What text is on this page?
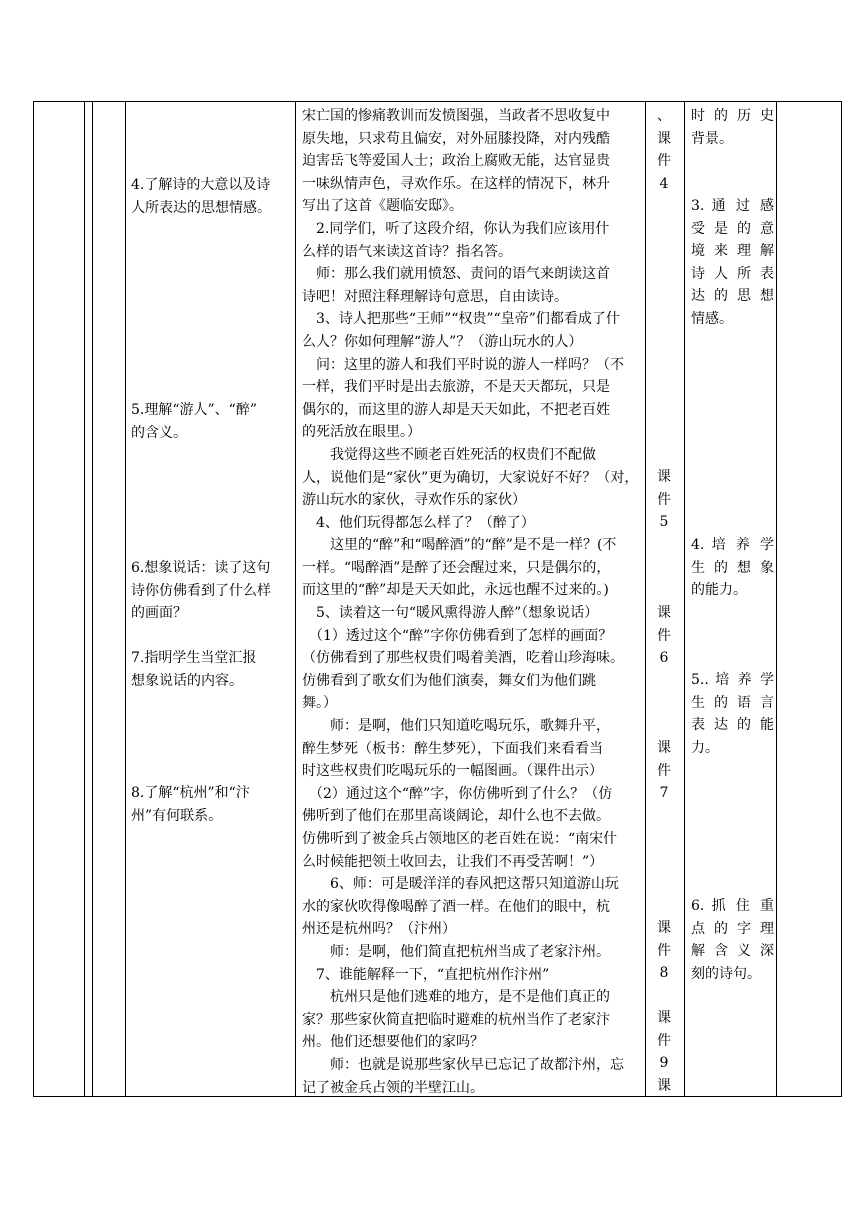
4.了解诗的大意以及诗

人所表达的思想情感。

5.理解“游人”、“醉”

的含义。

6.想象说话：读了这句

诗你仿佛看到了什么样

的画面？

7.指明学生当堂汇报

想象说话的内容。

8.了解“杭州”和“汴

州”有何联系。

宋亡国的惨痛教训而发愤图强，当政者不思收复中

原失地，只求苟且偏安，对外屈膝投降，对内残酷

迫害岳飞等爱国人士；政治上腐败无能，达官显贵

一味纵情声色，寻欢作乐。在这样的情况下，林升

写出了这首《题临安邸》。

　2.同学们，听了这段介绍，你认为我们应该用什

么样的语气来读这首诗？指名答。

　师：那么我们就用愤怒、责问的语气来朗读这首

诗吧！对照注释理解诗句意思，自由读诗。

　3、诗人把那些“王师”“权贵”“皇帝”们都看成了什

么人？你如何理解“游人”？（游山玩水的人）

　问：这里的游人和我们平时说的游人一样吗？（不

一样，我们平时是出去旅游，不是天天都玩，只是

偶尔的，而这里的游人却是天天如此，不把老百姓

的死活放在眼里。）

　　我觉得这些不顾老百姓死活的权贵们不配做

人，说他们是“家伙”更为确切，大家说好不好？（对，

游山玩水的家伙，寻欢作乐的家伙）

　4、他们玩得都怎么样了？（醉了）

　　这里的“醉”和“喝醉酒”的“醉”是不是一样？(不

一样。“喝醉酒”是醉了还会醒过来，只是偶尔的，

而这里的“醉”却是天天如此，永远也醒不过来的。)

　5、读着这一句“暖风熏得游人醉”（想象说话）

　（1）透过这个“醉”字你仿佛看到了怎样的画面？

（仿佛看到了那些权贵们喝着美酒，吃着山珍海味。

仿佛看到了歌女们为他们演奏，舞女们为他们跳

舞。）

　　师：是啊，他们只知道吃喝玩乐，歌舞升平，

醉生梦死（板书：醉生梦死），下面我们来看看当

时这些权贵们吃喝玩乐的一幅图画。（课件出示）

　（2）通过这个“醉”字，你仿佛听到了什么？（仿

佛听到了他们在那里高谈阔论，却什么也不去做。

仿佛听到了被金兵占领地区的老百姓在说：“南宋什

么时候能把领土收回去，让我们不再受苦啊！”）

　　6、师：可是暖洋洋的春风把这帮只知道游山玩

水的家伙吹得像喝醉了酒一样。在他们的眼中，杭

州还是杭州吗？（汴州）

　　师：是啊，他们简直把杭州当成了老家汴州。

　7、谁能解释一下，“直把杭州作汴州”

　　杭州只是他们逃难的地方，是不是他们真正的

家？那些家伙简直把临时避难的杭州当作了老家汴

州。他们还想要他们的家吗？

　　师：也就是说那些家伙早已忘记了故都汴州，忘

记了被金兵占领的半壁江山。

、

课

件

4

课

件

5

课

件

6

课

件

7

课

件

8

课

件

9

课

时 的 历 史

背景。

3. 通 过 感

受 是 的 意

境 来 理 解

诗 人 所 表

达 的 思 想

情感。

4. 培 养 学

生 的 想 象

的能力。

5.. 培 养 学

生 的 语 言

表 达 的 能

力。

6. 抓 住 重

点 的 字 理

解 含 义 深

刻的诗句。
